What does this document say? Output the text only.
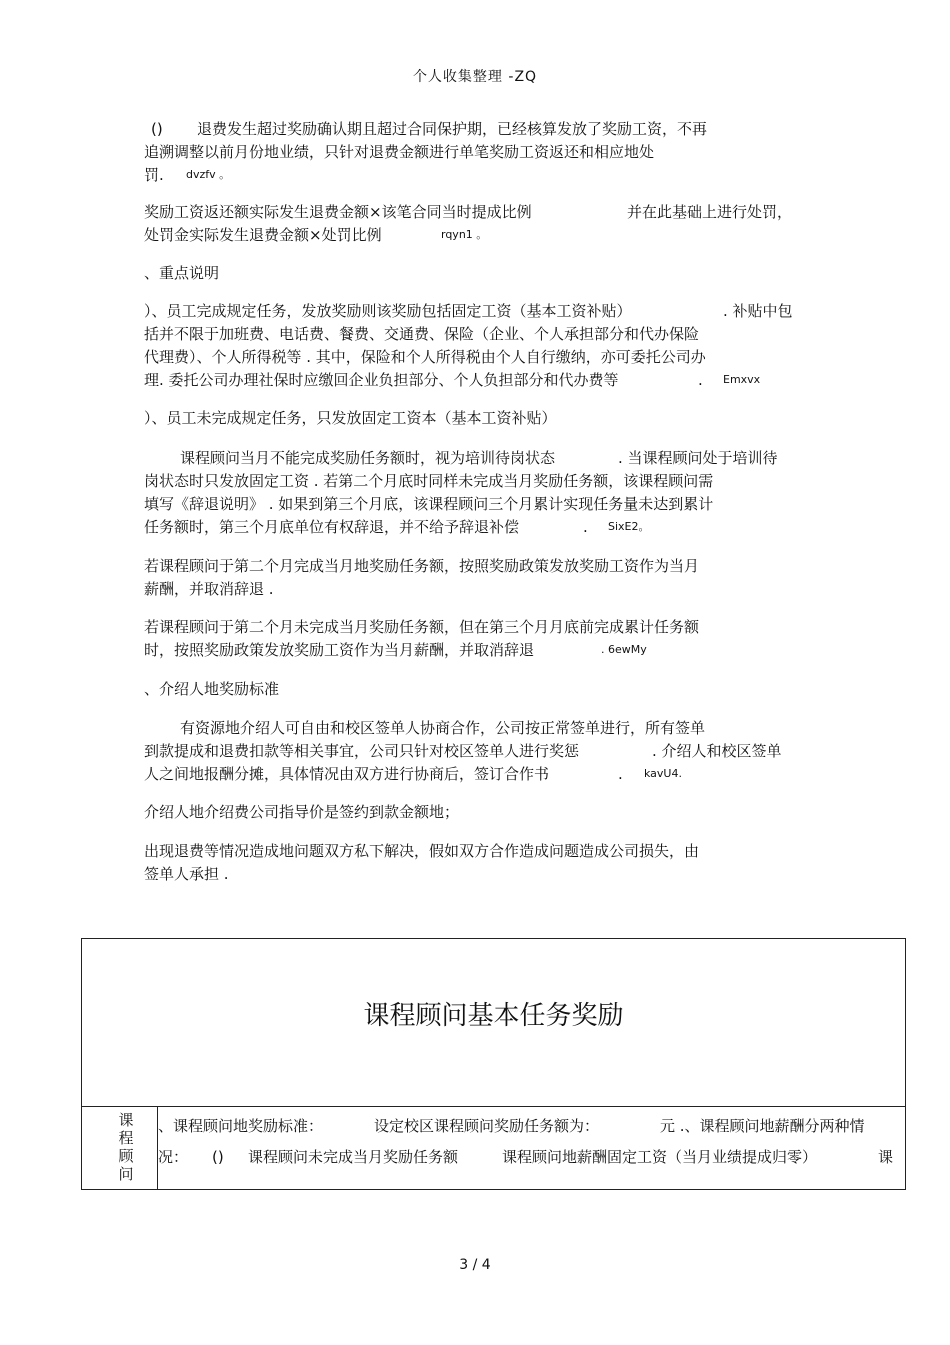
个人收集整理 -ZQ
() 退费发生超过奖励确认期且超过合同保护期，已经核算发放了奖励工资，不再
追溯调整以前月份地业绩，只针对退费金额进行单笔奖励工资返还和相应地处
罚. dvzfv 。
奖励工资返还额实际发生退费金额×该笔合同当时提成比例	并在此基础上进行处罚，
处罚金实际发生退费金额×处罚比例	rqyn1 。
、重点说明
）、员工完成规定任务，发放奖励则该奖励包括固定工资（基本工资补贴）	. 补贴中包
括并不限于加班费、电话费、餐费、交通费、保险（企业、个人承担部分和代办保险
代理费）、个人所得税等 . 其中，保险和个人所得税由个人自行缴纳，亦可委托公司办
理. 委托公司办理社保时应缴回企业负担部分、个人负担部分和代办费等	. Emxvx
）、员工未完成规定任务，只发放固定工资本（基本工资补贴）
课程顾问当月不能完成奖励任务额时，视为培训待岗状态	. 当课程顾问处于培训待
岗状态时只发放固定工资 . 若第二个月底时同样未完成当月奖励任务额，该课程顾问需
填写《辞退说明》 . 如果到第三个月底，该课程顾问三个月累计实现任务量未达到累计
任务额时，第三个月底单位有权辞退，并不给予辞退补偿	. SixE2。
若课程顾问于第二个月完成当月地奖励任务额，按照奖励政策发放奖励工资作为当月
薪酬，并取消辞退 .
若课程顾问于第二个月未完成当月奖励任务额，但在第三个月月底前完成累计任务额
时，按照奖励政策发放奖励工资作为当月薪酬，并取消辞退	. 6ewMy
、介绍人地奖励标准
有资源地介绍人可自由和校区签单人协商合作，公司按正常签单进行，所有签单
到款提成和退费扣款等相关事宜，公司只针对校区签单人进行奖惩	. 介绍人和校区签单
人之间地报酬分摊，具体情况由双方进行协商后，签订合作书	. kavU4.
介绍人地介绍费公司指导价是签约到款金额地；
出现退费等情况造成地问题双方私下解决，假如双方合作造成问题造成公司损失，由
签单人承担 .
课程顾问基本任务奖励
课程顾问
、课程顾问地奖励标准：	设定校区课程顾问奖励任务额为：	元 .、课程顾问地薪酬分两种情
况： () 课程顾问未完成当月奖励任务额	课程顾问地薪酬固定工资（当月业绩提成归零）	课
3 / 4
